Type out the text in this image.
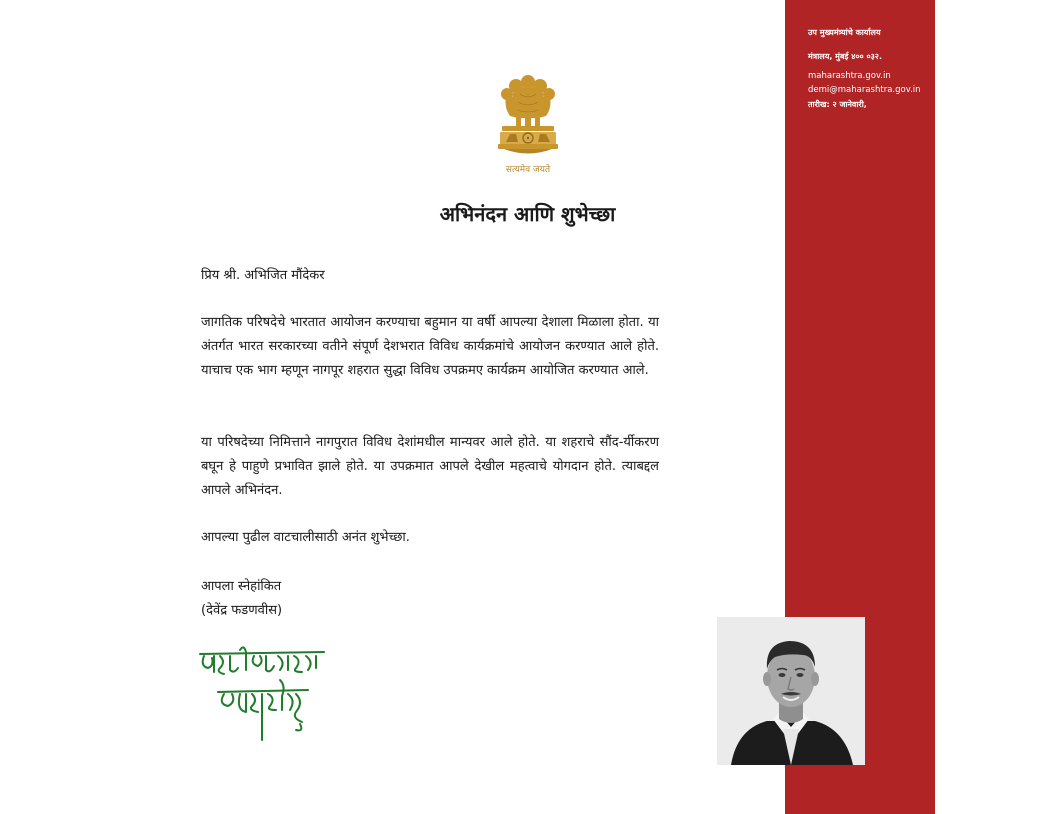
उप मुख्यमंत्र्यांचे कार्यालय
मंत्रालय, मुंबई ४०० ०३२.
maharashtra.gov.in
demi@maharashtra.gov.in
तारीख: २ जानेवारी,
सत्यमेव जयते
अभिनंदन आणि शुभेच्छा
प्रिय श्री. अभिजित मौंदेकर
जागतिक परिषदेचे भारतात आयोजन करण्याचा बहुमान या वर्षी आपल्या देशाला मिळाला होता. या अंतर्गत भारत सरकारच्या वतीने संपूर्ण देशभरात विविध कार्यक्रमांचे आयोजन करण्यात आले होते. याचाच एक भाग म्हणून नागपूर शहरात सुद्धा विविध उपक्रमए कार्यक्रम आयोजित करण्यात आले.
या परिषदेच्या निमित्ताने नागपुरात विविध देशांमधील मान्यवर आले होते. या शहराचे सौंद-र्यीकरण बघून हे पाहुणे प्रभावित झाले होते. या उपक्रमात आपले देखील महत्वाचे योगदान होते. त्याबद्दल आपले अभिनंदन.
आपल्या पुढील वाटचालीसाठी अनंत शुभेच्छा.
आपला स्नेहांकित
(देवेंद्र फडणवीस)
